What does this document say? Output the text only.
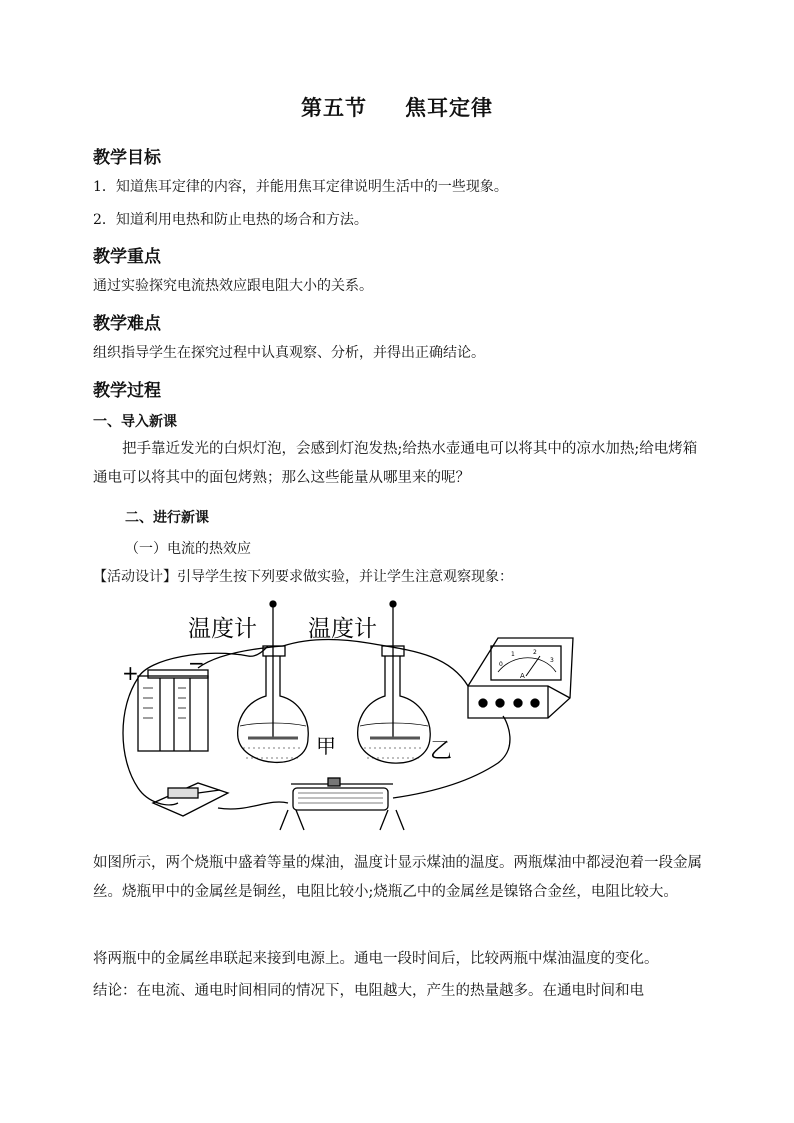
第五节 焦耳定律
教学目标
1．知道焦耳定律的内容，并能用焦耳定律说明生活中的一些现象。
2．知道利用电热和防止电热的场合和方法。
教学重点
通过实验探究电流热效应跟电阻大小的关系。
教学难点
组织指导学生在探究过程中认真观察、分析，并得出正确结论。
教学过程
一、导入新课
把手靠近发光的白炽灯泡，会感到灯泡发热;给热水壶通电可以将其中的凉水加热;给电烤箱通电可以将其中的面包烤熟；那么这些能量从哪里来的呢？
二、进行新课
（一）电流的热效应
【活动设计】引导学生按下列要求做实验，并让学生注意观察现象：
+ −
温度计 温度计
甲	乙
0
1	2
3
A
如图所示，两个烧瓶中盛着等量的煤油，温度计显示煤油的温度。两瓶煤油中都浸泡着一段金属丝。烧瓶甲中的金属丝是铜丝，电阻比较小;烧瓶乙中的金属丝是镍铬合金丝，电阻比较大。
将两瓶中的金属丝串联起来接到电源上。通电一段时间后，比较两瓶中煤油温度的变化。
结论：在电流、通电时间相同的情况下，电阻越大，产生的热量越多。在通电时间和电
